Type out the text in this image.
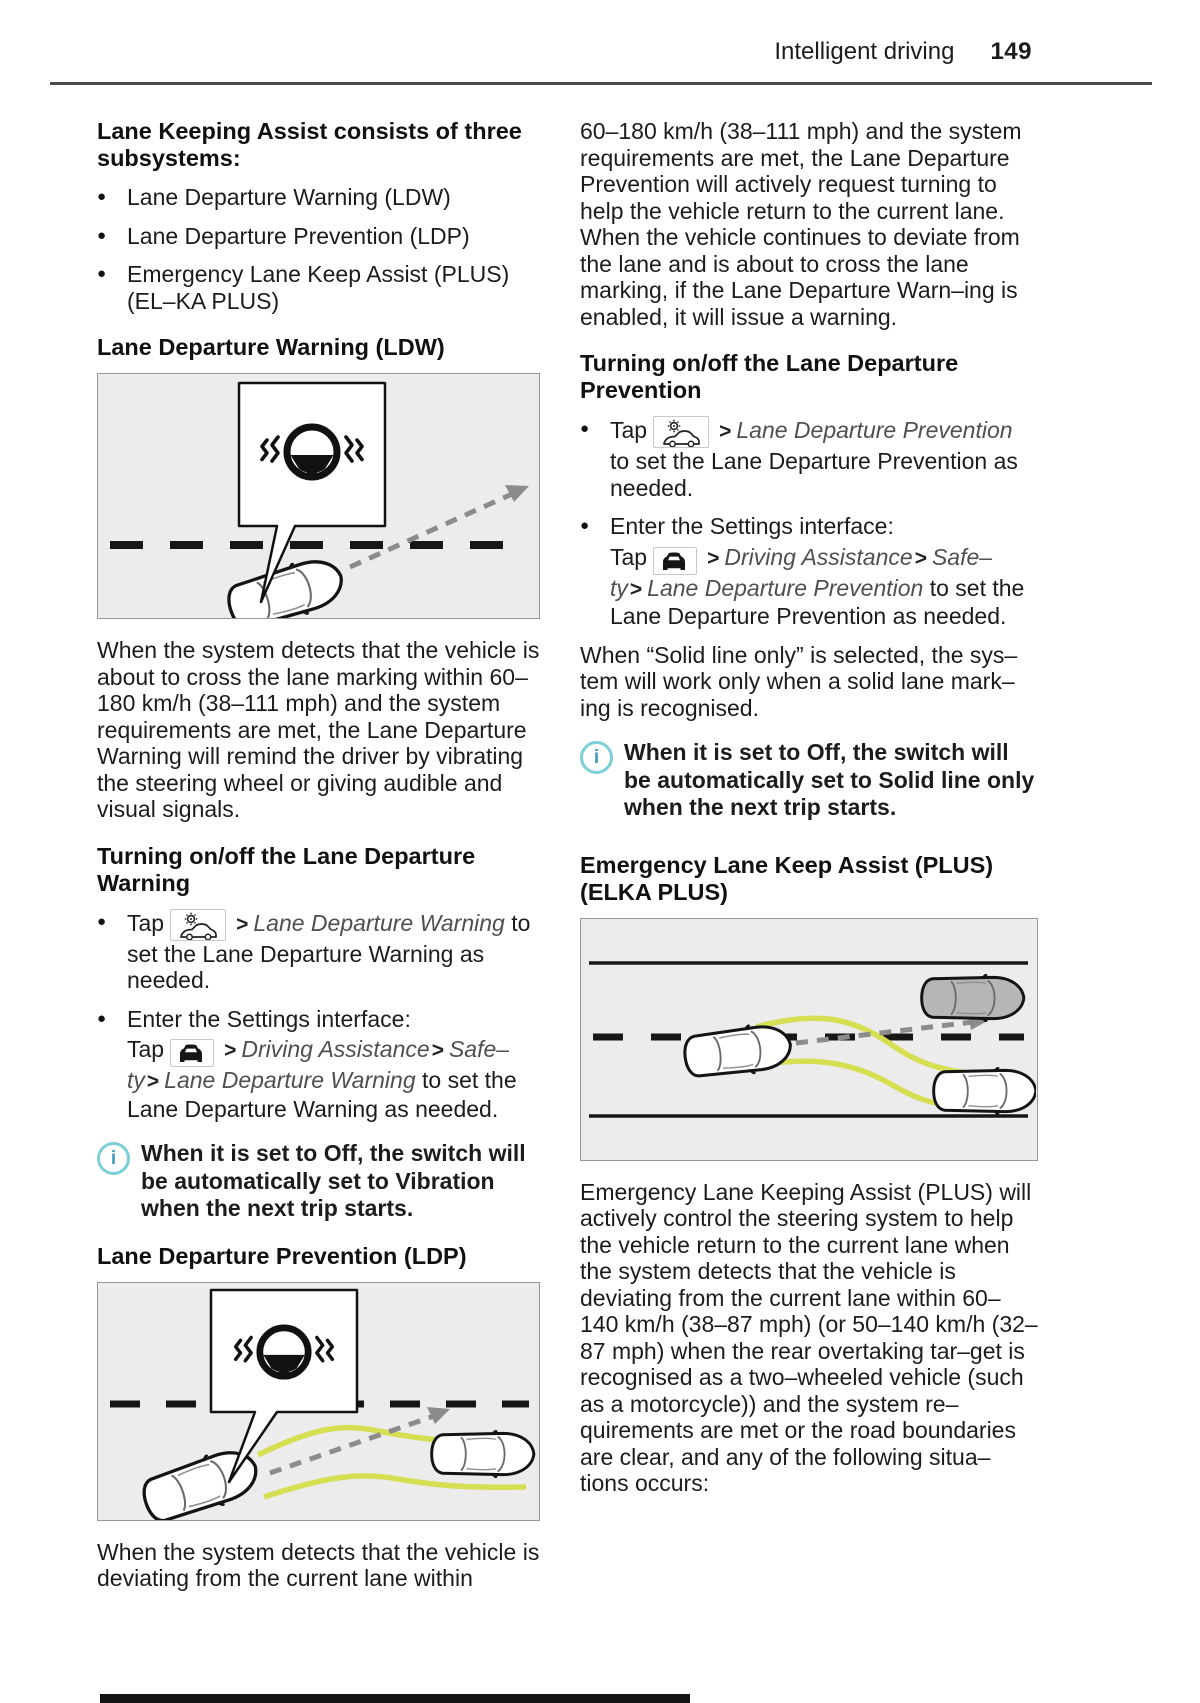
Intelligent driving 149
Lane Keeping Assist consists of three subsystems:
● Lane Departure Warning (LDW)
● Lane Departure Prevention (LDP)
● Emergency Lane Keep Assist (PLUS) (EL–KA PLUS)
Lane Departure Warning (LDW)

When the system detects that the vehicle is about to cross the lane marking within 60–180 km/h (38–111 mph) and the system requirements are met, the Lane Departure Warning will remind the driver by vibrating the steering wheel or giving audible and visual signals.

Turning on/off the Lane Departure Warning
● Tap	> Lane Departure Warning to set the Lane Departure Warning as needed.
● Enter the Settings interface:
Tap	> Driving Assistance> Safe–ty> Lane Departure Warning to set the Lane Departure Warning as needed.
i	When it is set to Off, the switch will be automatically set to Vibration when the next trip starts.
Lane Departure Prevention (LDP)

When the system detects that the vehicle is deviating from the current lane within

60–180 km/h (38–111 mph) and the system requirements are met, the Lane Departure Prevention will actively request turning to help the vehicle return to the current lane. When the vehicle continues to deviate from the lane and is about to cross the lane marking, if the Lane Departure Warn–ing is enabled, it will issue a warning.

Turning on/off the Lane Departure Prevention
● Tap	> Lane Departure Prevention to set the Lane Departure Prevention as needed.
● Enter the Settings interface:
Tap	> Driving Assistance> Safe–ty> Lane Departure Prevention to set the Lane Departure Prevention as needed.

When “Solid line only” is selected, the sys–tem will work only when a solid lane mark–ing is recognised.

i	When it is set to Off, the switch will be automatically set to Solid line only when the next trip starts.
Emergency Lane Keep Assist (PLUS) (ELKA PLUS)

Emergency Lane Keeping Assist (PLUS) will actively control the steering system to help the vehicle return to the current lane when the system detects that the vehicle is deviating from the current lane within 60–140 km/h (38–87 mph) (or 50–140 km/h (32–87 mph) when the rear overtaking tar–get is recognised as a two–wheeled vehicle (such as a motorcycle)) and the system re–quirements are met or the road boundaries are clear, and any of the following situa–tions occurs:
